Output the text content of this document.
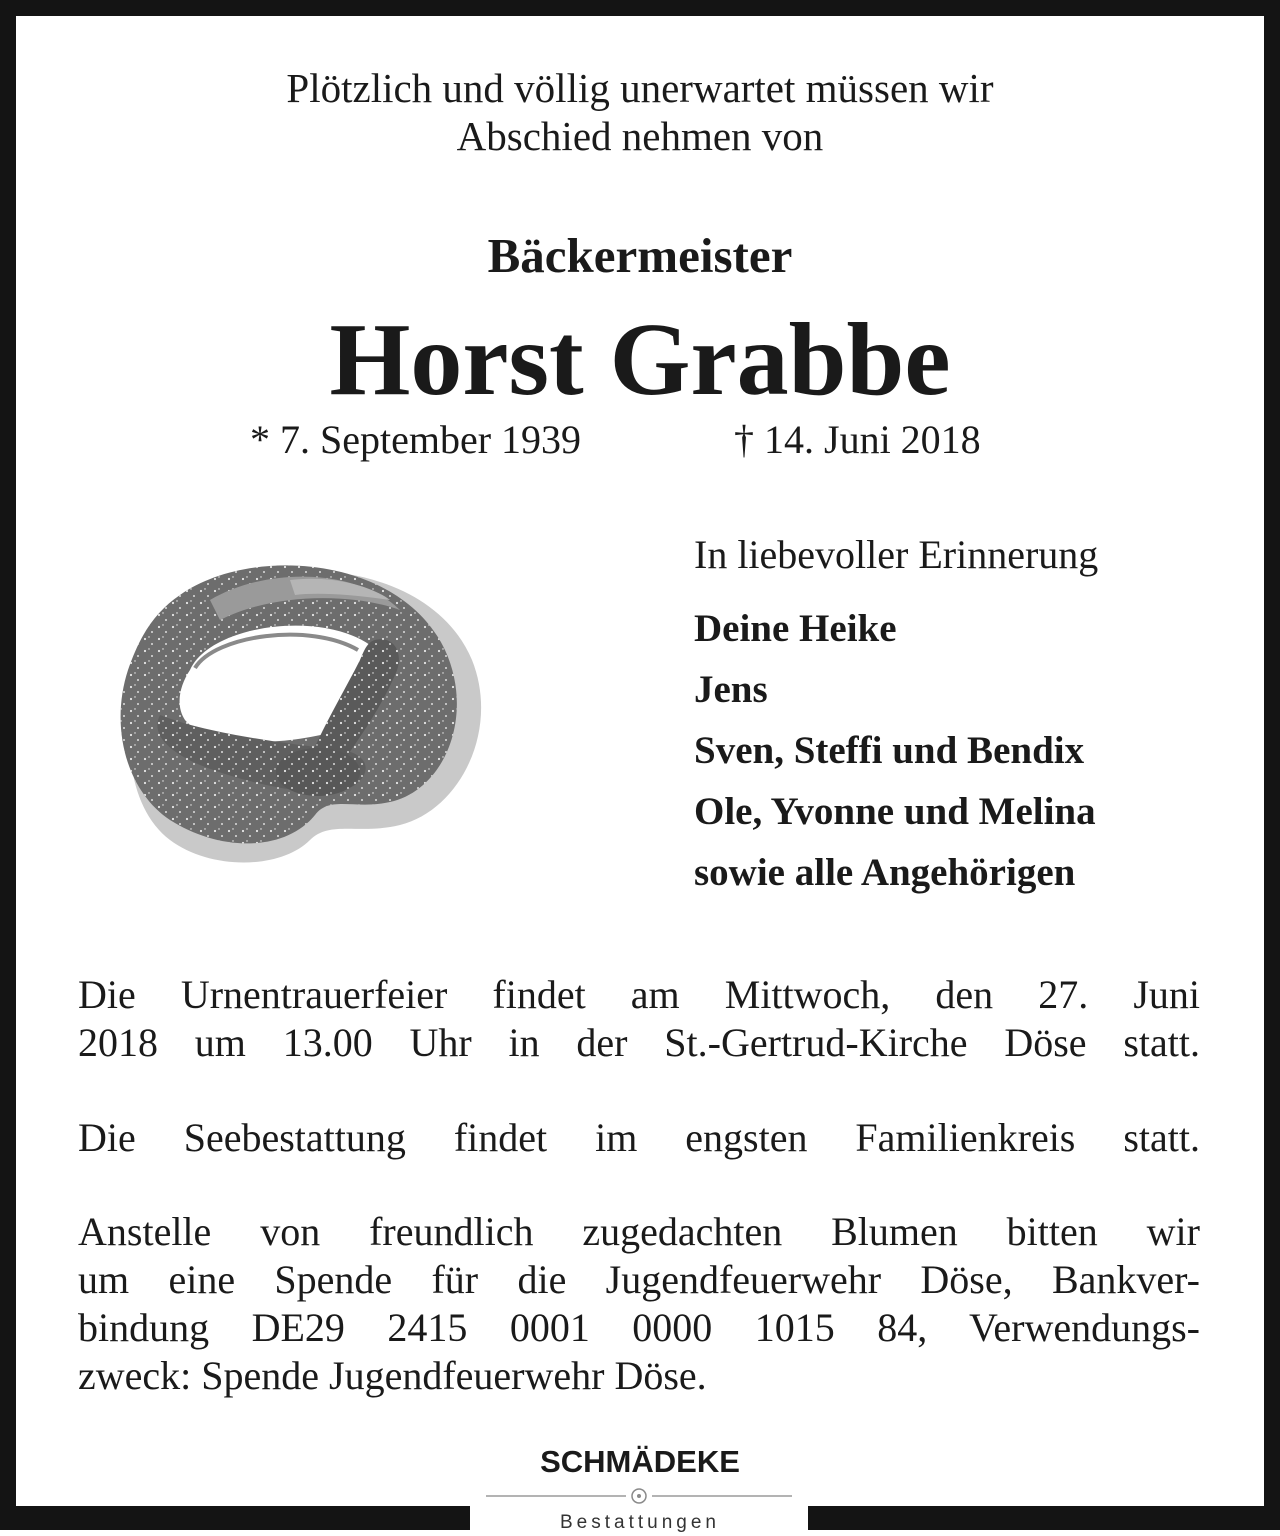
Plötzlich und völlig unerwartet müssen wir
Abschied nehmen von
Bäckermeister
Horst Grabbe
* 7. September 1939	† 14. Juni 2018
In liebevoller Erinnerung
Deine Heike
Jens
Sven, Steffi und Bendix
Ole, Yvonne und Melina
sowie alle Angehörigen
Die Urnentrauerfeier findet am Mittwoch, den 27. Juni
2018 um 13.00 Uhr in der St.-Gertrud-Kirche Döse statt.
Die Seebestattung findet im engsten Familienkreis statt.
Anstelle von freundlich zugedachten Blumen bitten wir
um eine Spende für die Jugendfeuerwehr Döse, Bankver-
bindung DE29 2415 0001 0000 1015 84, Verwendungs-
zweck: Spende Jugendfeuerwehr Döse.
SCHMÄDEKE
Bestattungen
